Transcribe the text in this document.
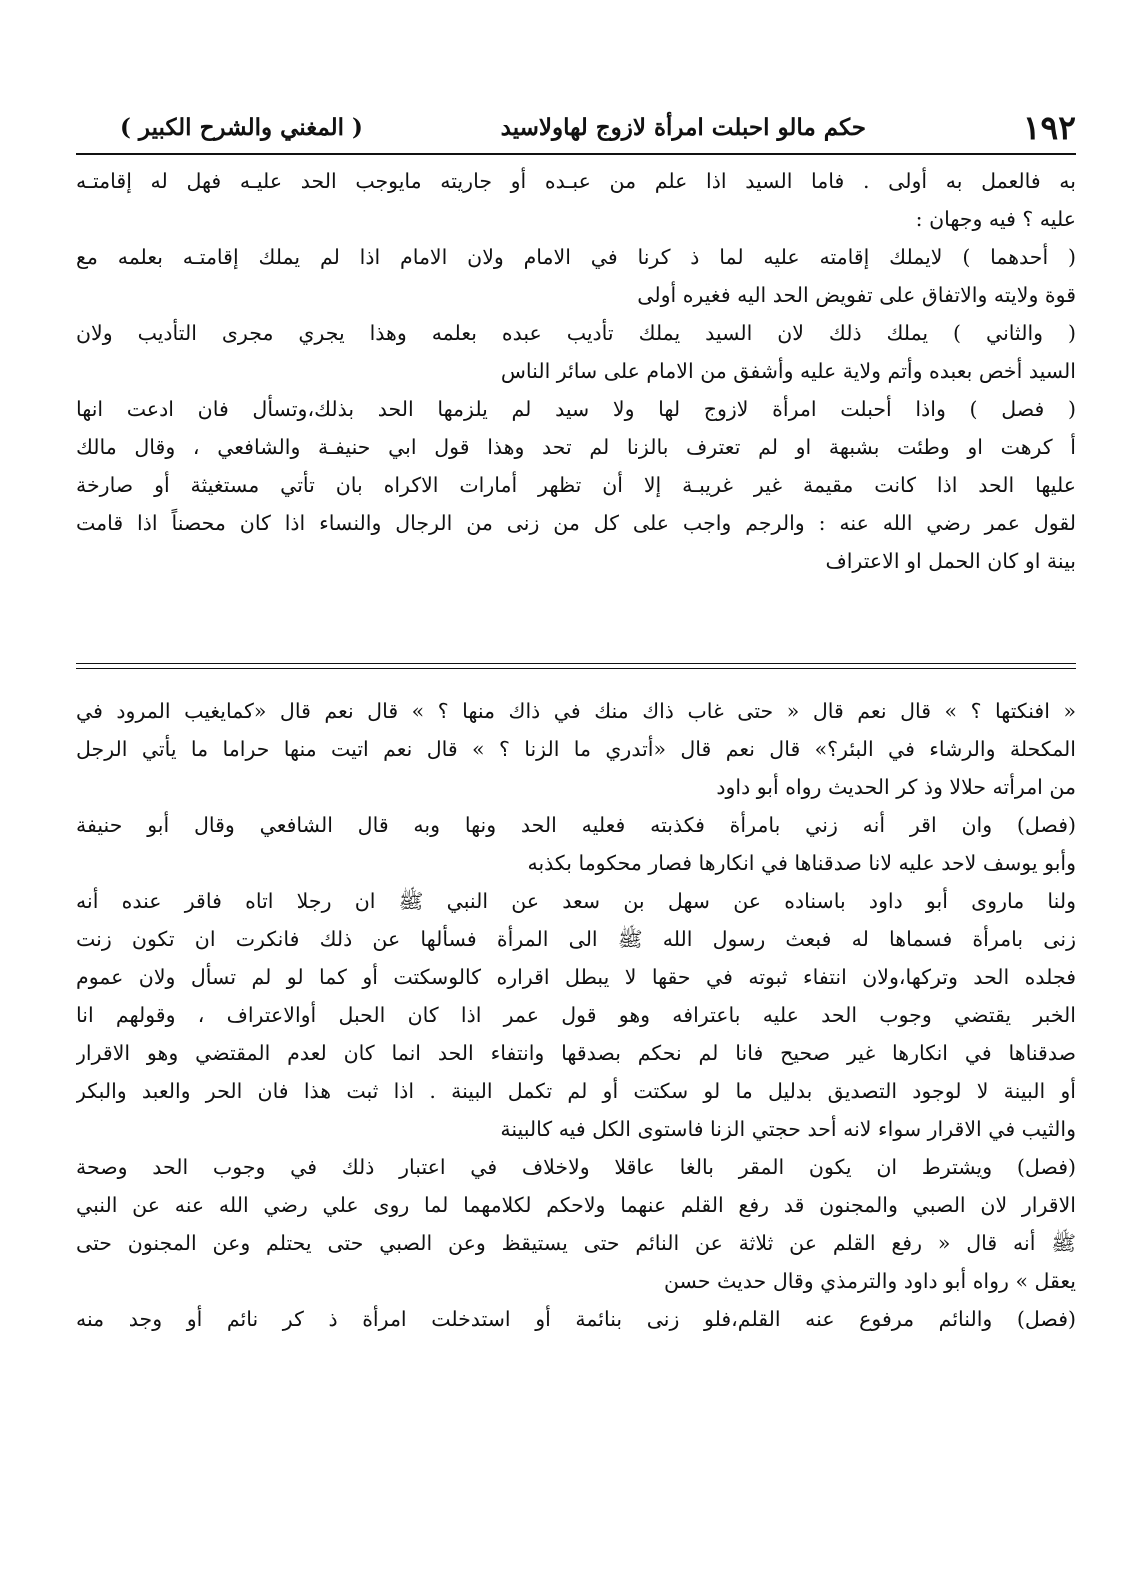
١٩٢
حكم مالو احبلت امرأة لازوج لهاولاسيد
( المغني والشرح الكبير )
به فالعمل به أولى . فاما السيد اذا علم من عبـده أو جاريته مايوجب الحد عليـه فهل له إقامتـه
عليه ؟ فيه وجهان :
( أحدهما ) لايملك إقامته عليه لما ذ كرنا في الامام ولان الامام اذا لم يملك إقامتـه بعلمه مع
قوة ولايته والاتفاق على تفويض الحد اليه فغيره أولى
( والثاني ) يملك ذلك لان السيد يملك تأديب عبده بعلمه وهذا يجري مجرى التأديب ولان
السيد أخص بعبده وأتم ولاية عليه وأشفق من الامام على سائر الناس
( فصل ) واذا أحبلت امرأة لازوج لها ولا سيد لم يلزمها الحد بذلك،وتسأل فان ادعت انها
أ كرهت او وطئت بشبهة او لم تعترف بالزنا لم تحد وهذا قول ابي حنيفـة والشافعي ، وقال مالك
عليها الحد اذا كانت مقيمة غير غريبـة إلا أن تظهر أمارات الاكراه بان تأتي مستغيثة أو صارخة
لقول عمر رضي الله عنه : والرجم واجب على كل من زنى من الرجال والنساء اذا كان محصناً اذا قامت
بينة او كان الحمل او الاعتراف
« افنكتها ؟ » قال نعم قال « حتى غاب ذاك منك في ذاك منها ؟ » قال نعم قال «كمايغيب المرود في
المكحلة والرشاء في البئر؟» قال نعم قال «أتدري ما الزنا ؟ » قال نعم اتيت منها حراما ما يأتي الرجل
من امرأته حلالا وذ كر الحديث رواه أبو داود
(فصل) وان اقر أنه زني بامرأة فكذبته فعليه الحد ونها وبه قال الشافعي وقال أبو حنيفة
وأبو يوسف لاحد عليه لانا صدقناها في انكارها فصار محكوما بكذبه
ولنا ماروى أبو داود باسناده عن سهل بن سعد عن النبي ﷺ ان رجلا اتاه فاقر عنده أنه
زنى بامرأة فسماها له فبعث رسول الله ﷺ الى المرأة فسألها عن ذلك فانكرت ان تكون زنت
فجلده الحد وتركها،ولان انتفاء ثبوته في حقها لا يبطل اقراره كالوسكتت أو كما لو لم تسأل ولان عموم
الخبر يقتضي وجوب الحد عليه باعترافه وهو قول عمر اذا كان الحبل أوالاعتراف ، وقولهم انا
صدقناها في انكارها غير صحيح فانا لم نحكم بصدقها وانتفاء الحد انما كان لعدم المقتضي وهو الاقرار
أو البينة لا لوجود التصديق بدليل ما لو سكتت أو لم تكمل البينة . اذا ثبت هذا فان الحر والعبد والبكر
والثيب في الاقرار سواء لانه أحد حجتي الزنا فاستوى الكل فيه كالبينة
(فصل) ويشترط ان يكون المقر بالغا عاقلا ولاخلاف في اعتبار ذلك في وجوب الحد وصحة
الاقرار لان الصبي والمجنون قد رفع القلم عنهما ولاحكم لكلامهما لما روى علي رضي الله عنه عن النبي
ﷺ أنه قال « رفع القلم عن ثلاثة عن النائم حتى يستيقظ وعن الصبي حتى يحتلم وعن المجنون حتى
يعقل » رواه أبو داود والترمذي وقال حديث حسن
(فصل) والنائم مرفوع عنه القلم،فلو زنى بنائمة أو استدخلت امرأة ذ كر نائم أو وجد منه
